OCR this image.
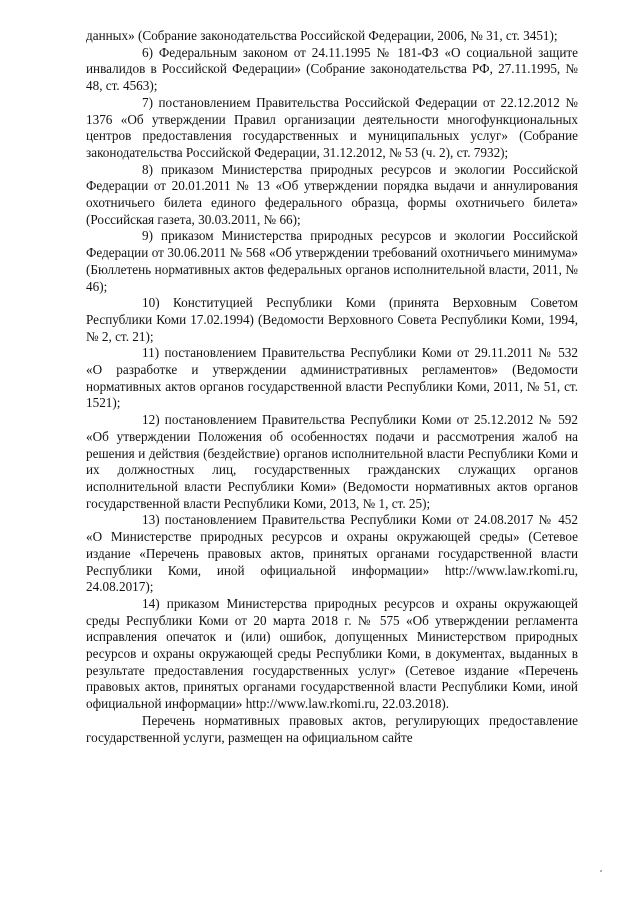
данных» (Собрание законодательства Российской Федерации, 2006, № 31, ст. 3451);

6) Федеральным законом от 24.11.1995 № 181-ФЗ «О социальной защите инвалидов в Российской Федерации» (Собрание законодательства РФ, 27.11.1995, № 48, ст. 4563);

7) постановлением Правительства Российской Федерации от 22.12.2012 № 1376 «Об утверждении Правил организации деятельности многофункциональных центров предоставления государственных и муниципальных услуг» (Собрание законодательства Российской Федерации, 31.12.2012, № 53 (ч. 2), ст. 7932);

8) приказом Министерства природных ресурсов и экологии Российской Федерации от 20.01.2011 № 13 «Об утверждении порядка выдачи и аннулирования охотничьего билета единого федерального образца, формы охотничьего билета» (Российская газета, 30.03.2011, № 66);

9) приказом Министерства природных ресурсов и экологии Российской Федерации от 30.06.2011 № 568 «Об утверждении требований охотничьего минимума» (Бюллетень нормативных актов федеральных органов исполнительной власти, 2011, № 46);

10) Конституцией Республики Коми (принята Верховным Советом Республики Коми 17.02.1994) (Ведомости Верховного Совета Республики Коми, 1994, № 2, ст. 21);

11) постановлением Правительства Республики Коми от 29.11.2011 № 532 «О разработке и утверждении административных регламентов» (Ведомости нормативных актов органов государственной власти Республики Коми, 2011, № 51, ст. 1521);

12) постановлением Правительства Республики Коми от 25.12.2012 № 592 «Об утверждении Положения об особенностях подачи и рассмотрения жалоб на решения и действия (бездействие) органов исполнительной власти Республики Коми и их должностных лиц, государственных гражданских служащих органов исполнительной власти Республики Коми» (Ведомости нормативных актов органов государственной власти Республики Коми, 2013, № 1, ст. 25);

13) постановлением Правительства Республики Коми от 24.08.2017 № 452 «О Министерстве природных ресурсов и охраны окружающей среды» (Сетевое издание «Перечень правовых актов, принятых органами государственной власти Республики Коми, иной официальной информации» http://www.law.rkomi.ru, 24.08.2017);

14) приказом Министерства природных ресурсов и охраны окружающей среды Республики Коми от 20 марта 2018 г. № 575 «Об утверждении регламента исправления опечаток и (или) ошибок, допущенных Министерством природных ресурсов и охраны окружающей среды Республики Коми, в документах, выданных в результате предоставления государственных услуг» (Сетевое издание «Перечень правовых актов, принятых органами государственной власти Республики Коми, иной официальной информации» http://www.law.rkomi.ru, 22.03.2018).

Перечень нормативных правовых актов, регулирующих предоставление государственной услуги, размещен на официальном сайте
